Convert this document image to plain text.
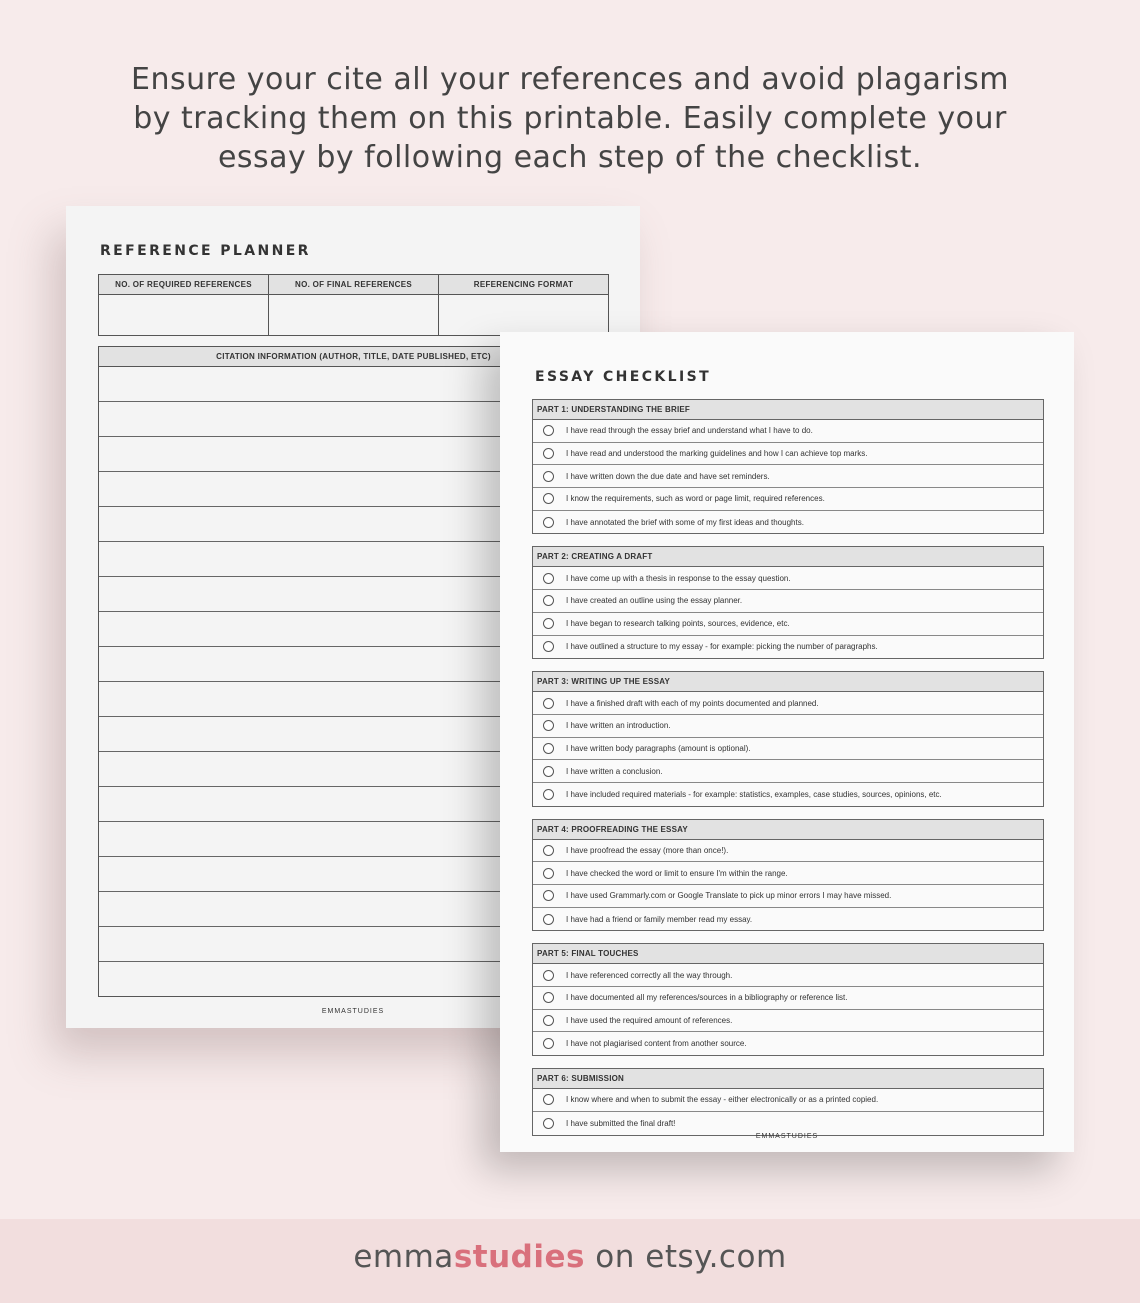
Ensure your cite all your references and avoid plagarism
by tracking them on this printable. Easily complete your
essay by following each step of the checklist.
REFERENCE PLANNER
NO. OF REQUIRED REFERENCES	NO. OF FINAL REFERENCES	REFERENCING FORMAT
CITATION INFORMATION (AUTHOR, TITLE, DATE PUBLISHED, ETC)
EMMASTUDIES
ESSAY CHECKLIST
PART 1: UNDERSTANDING THE BRIEF
I have read through the essay brief and understand what I have to do.
I have read and understood the marking guidelines and how I can achieve top marks.
I have written down the due date and have set reminders.
I know the requirements, such as word or page limit, required references.
I have annotated the brief with some of my first ideas and thoughts.
PART 2: CREATING A DRAFT
I have come up with a thesis in response to the essay question.
I have created an outline using the essay planner.
I have began to research talking points, sources, evidence, etc.
I have outlined a structure to my essay - for example: picking the number of paragraphs.
PART 3: WRITING UP THE ESSAY
I have a finished draft with each of my points documented and planned.
I have written an introduction.
I have written body paragraphs (amount is optional).
I have written a conclusion.
I have included required materials - for example: statistics, examples, case studies, sources, opinions, etc.
PART 4: PROOFREADING THE ESSAY
I have proofread the essay (more than once!).
I have checked the word or limit to ensure I'm within the range.
I have used Grammarly.com or Google Translate to pick up minor errors I may have missed.
I have had a friend or family member read my essay.
PART 5: FINAL TOUCHES
I have referenced correctly all the way through.
I have documented all my references/sources in a bibliography or reference list.
I have used the required amount of references.
I have not plagiarised content from another source.
PART 6: SUBMISSION
I know where and when to submit the essay - either electronically or as a printed copied.
I have submitted the final draft!
EMMASTUDIES
emmastudies on etsy.com
